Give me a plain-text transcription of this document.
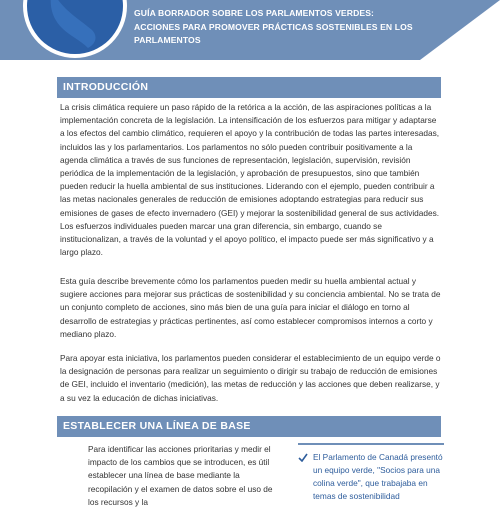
GUÍA BORRADOR SOBRE LOS PARLAMENTOS VERDES:
ACCIONES PARA PROMOVER PRÁCTICAS SOSTENIBLES EN LOS
PARLAMENTOS
INTRODUCCIÓN

La crisis climática requiere un paso rápido de la retórica a la acción, de las aspiraciones políticas a la implementación concreta de la legislación. La intensificación de los esfuerzos para mitigar y adaptarse a los efectos del cambio climático, requieren el apoyo y la contribución de todas las partes interesadas, incluidos las y los parlamentarios. Los parlamentos no sólo pueden contribuir positivamente a la agenda climática a través de sus funciones de representación, legislación, supervisión, revisión periódica de la implementación de la legislación, y aprobación de presupuestos, sino que también pueden reducir la huella ambiental de sus instituciones. Liderando con el ejemplo, pueden contribuir a las metas nacionales generales de reducción de emisiones adoptando estrategias para reducir sus emisiones de gases de efecto invernadero (GEI) y mejorar la sostenibilidad general de sus actividades. Los esfuerzos individuales pueden marcar una gran diferencia, sin embargo, cuando se institucionalizan, a través de la voluntad y el apoyo político, el impacto puede ser más significativo y a largo plazo.

Esta guía describe brevemente cómo los parlamentos pueden medir su huella ambiental actual y sugiere acciones para mejorar sus prácticas de sostenibilidad y su conciencia ambiental. No se trata de un conjunto completo de acciones, sino más bien de una guía para iniciar el diálogo en torno al desarrollo de estrategias y prácticas pertinentes, así como establecer compromisos internos a corto y mediano plazo.

Para apoyar esta iniciativa, los parlamentos pueden considerar el establecimiento de un equipo verde o la designación de personas para realizar un seguimiento o dirigir su trabajo de reducción de emisiones de GEI, incluido el inventario (medición), las metas de reducción y las acciones que deben realizarse, y a su vez la educación de dichas iniciativas.

ESTABLECER UNA LÍNEA DE BASE

Para identificar las acciones prioritarias y medir el impacto de los cambios que se introducen, es útil establecer una línea de base mediante la recopilación y el examen de datos sobre el uso de los recursos y la

El Parlamento de Canadá presentó un equipo verde, "Socios para una colina verde", que trabajaba en temas de sostenibilidad
